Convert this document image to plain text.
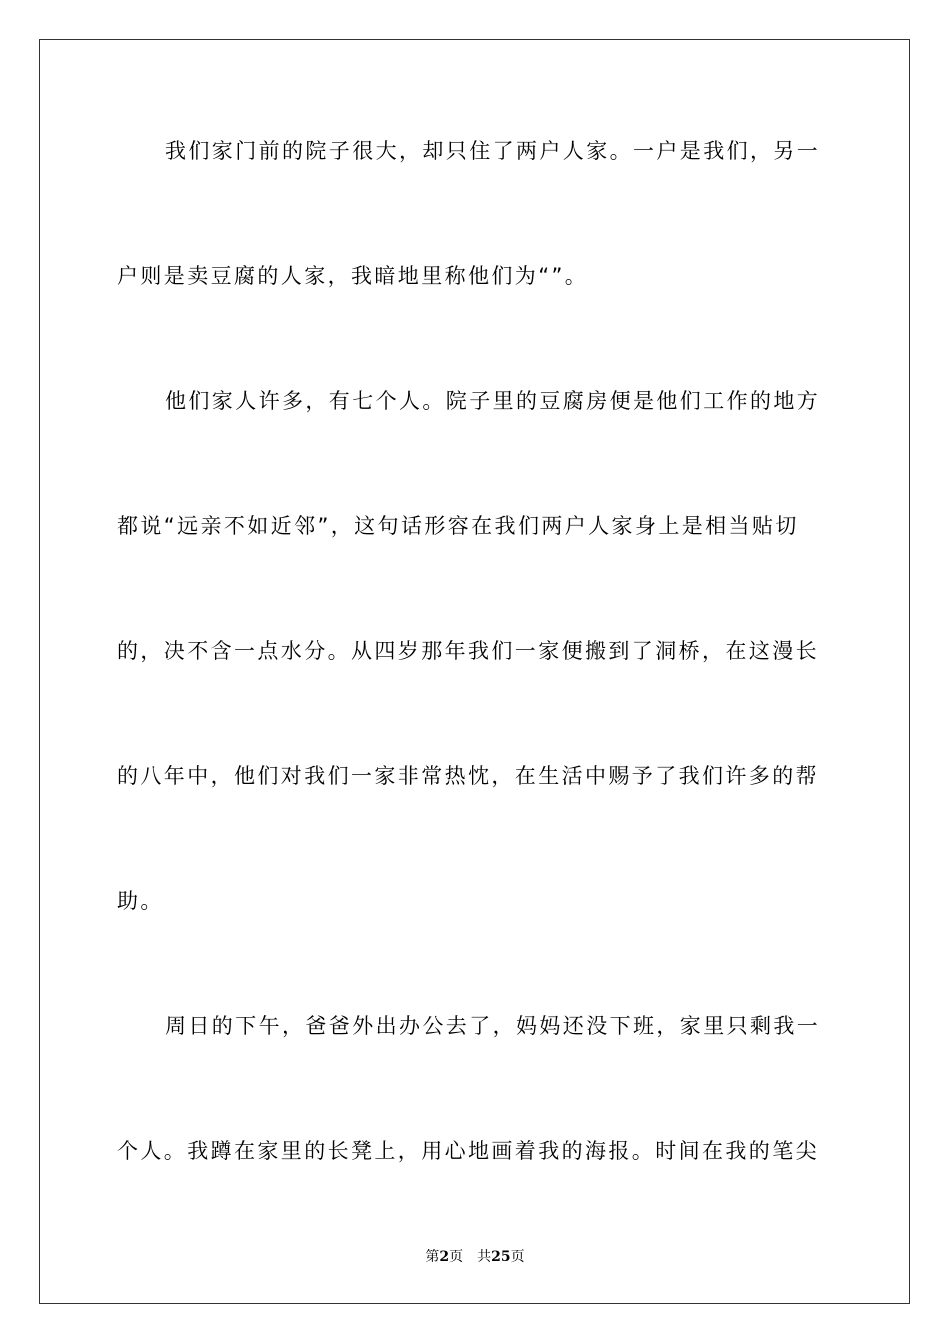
我们家门前的院子很大，却只住了两户人家。一户是我们，另一
户则是卖豆腐的人家，我暗地里称他们为“”。
他们家人许多，有七个人。院子里的豆腐房便是他们工作的地方
都说“远亲不如近邻”，这句话形容在我们两户人家身上是相当贴切
的，决不含一点水分。从四岁那年我们一家便搬到了洞桥，在这漫长
的八年中，他们对我们一家非常热忱，在生活中赐予了我们许多的帮
助。
周日的下午，爸爸外出办公去了，妈妈还没下班，家里只剩我一
个人。我蹲在家里的长凳上，用心地画着我的海报。时间在我的笔尖
第2页 共25页
